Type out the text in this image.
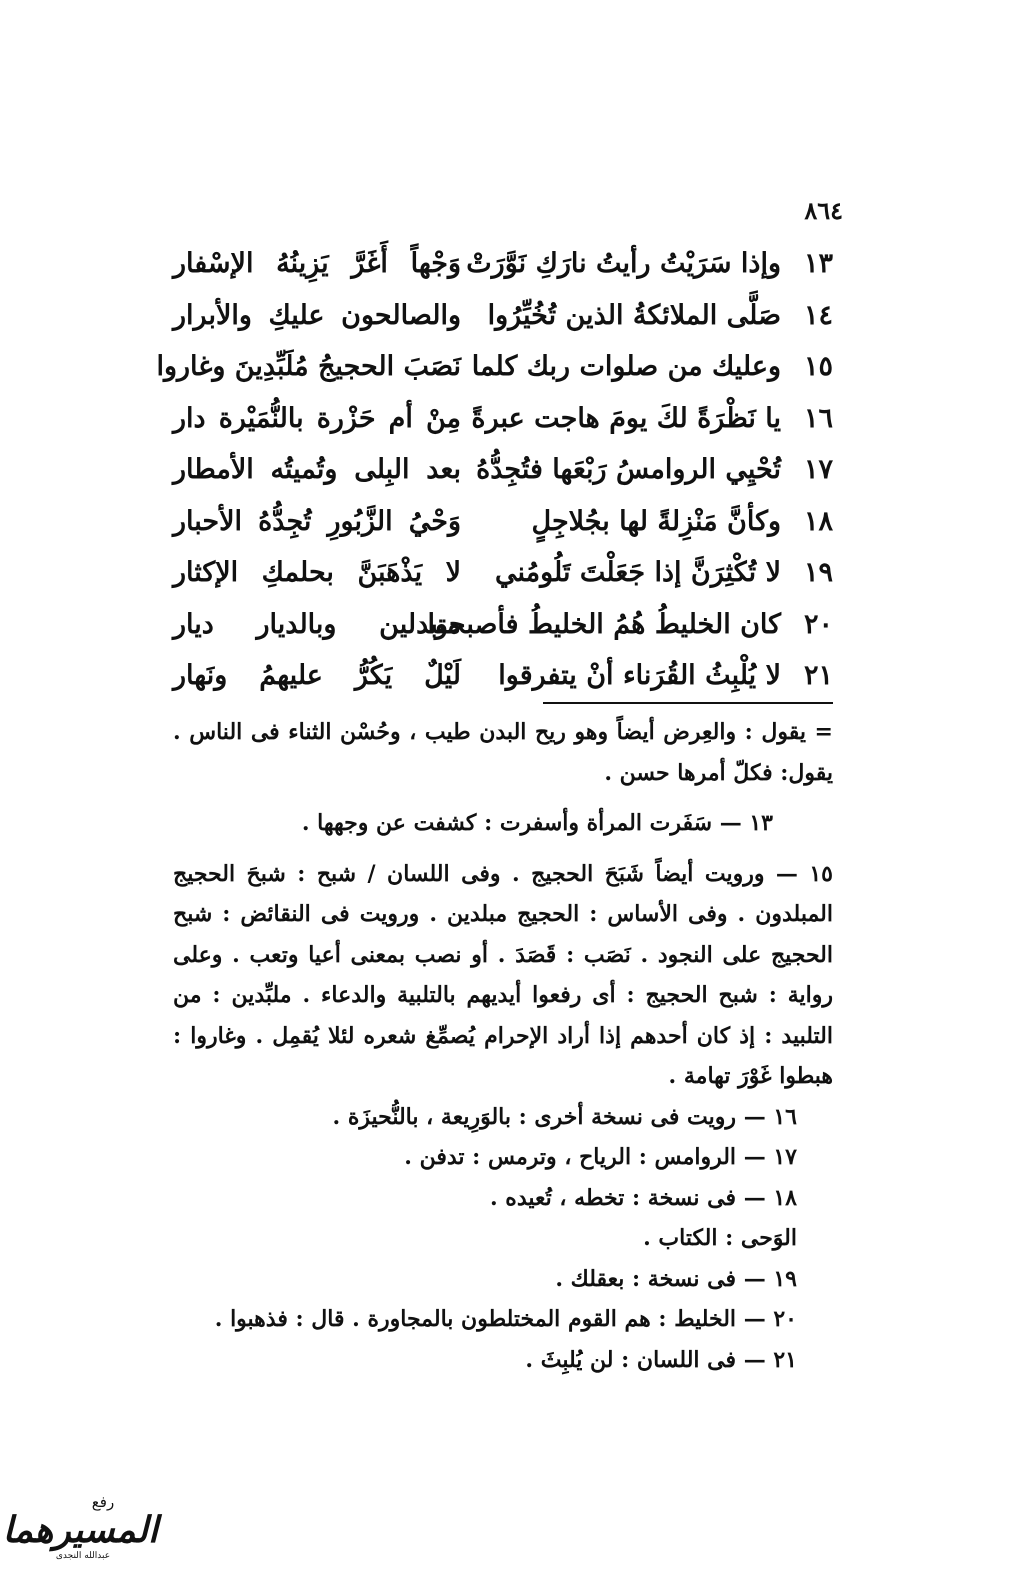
٨٦٤
١٣
وإذا سَرَيْتُ رأيتُ نارَكِ نَوَّرَتْ
وَجْهاً أَغَرَّ يَزِينُهُ الإسْفار
١٤
صَلَّى الملائكةُ الذين تُخُيِّرُوا
والصالحون عليكِ والأبرار
١٥
وعليك من صلوات ربك كلما
نَصَبَ الحجيجُ مُلَبِّدِينَ وغاروا
١٦
يا نَظْرَةً لكَ يومَ هاجت عبرةً
مِنْ أم حَزْرة بالنُّمَيْرة دار
١٧
تُحْيِي الروامسُ رَبْعَها فتُجِدُّهُ
بعد البِلى وتُميتُه الأمطار
١٨
وكأنَّ مَنْزِلةً لها بجُلاجِلٍ
وَحْيُ الزَّبُورِ تُجِدُّهُ الأحبار
١٩
لا تُكْثِرَنَّ إذا جَعَلْتَ تَلُومُني
لا يَذْهَبَنَّ بحلمكِ الإكثار
٢٠
كان الخليطُ هُمُ الخليطُ فأصبحوا
متبدلين وبالديار ديار
٢١
لا يُلْبِثُ القُرَناء أنْ يتفرقوا
لَيْلٌ يَكُرُّ عليهمُ ونَهار

= يقول : والعِرض أيضاً وهو ريح البدن طيب ، وحُسْن الثناء فى الناس . يقول: فكلّ أمرها حسن .

١٣ — سَفَرت المرأة وأسفرت : كشفت عن وجهها .

١٥ — ورويت أيضاً شَبَحَ الحجيج . وفى اللسان / شبح : شبحَ الحجيج المبلدون . وفى الأساس : الحجيج مبلدين . ورويت فى النقائض : شبح الحجيج على النجود . نَصَب : قَصَدَ . أو نصب بمعنى أعيا وتعب . وعلى رواية : شبح الحجيج : أى رفعوا أيديهم بالتلبية والدعاء . ملبِّدين : من التلبيد : إذ كان أحدهم إذا أراد الإحرام يُصمِّغ شعره لئلا يُقمِل . وغاروا : هبطوا غَوْرَ تهامة .

١٦ — رويت فى نسخة أخرى : بالوَرِيعة ، بالنُّحيزَة .

١٧ — الروامس : الرياح ، وترمس : تدفن .

١٨ — فى نسخة : تخطه ، تُعيده .

الوَحى : الكتاب .

١٩ — فى نسخة : بعقلك .

٢٠ — الخليط : هم القوم المختلطون بالمجاورة . قال : فذهبوا .

٢١ — فى اللسان : لن يُلبِثَ .

رفع
المسيرهما
عبدالله النجدى
